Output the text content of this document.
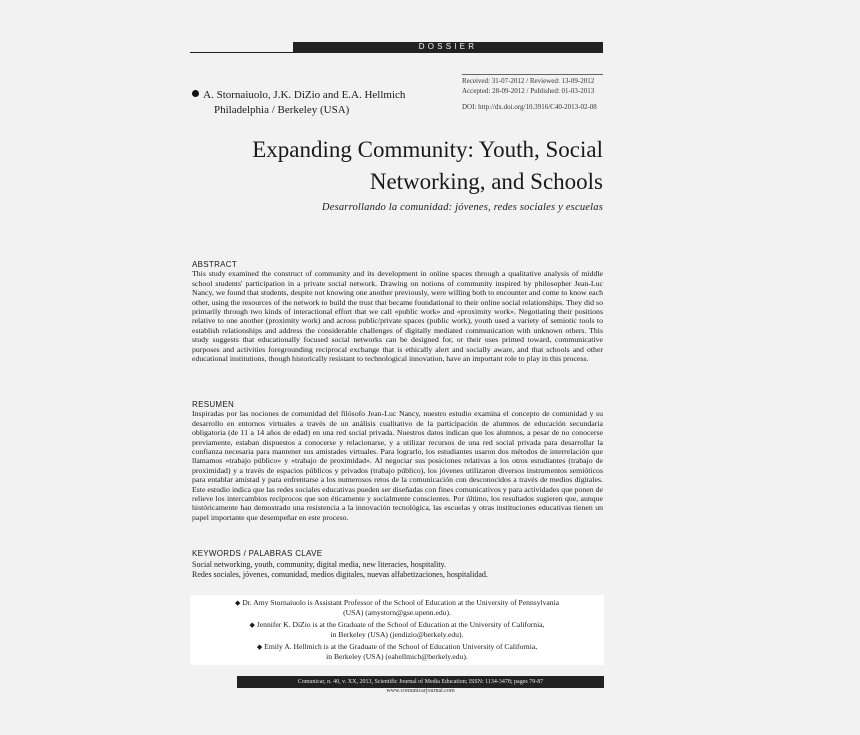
DOSSIER
A. Stornaiuolo, J.K. DiZio and E.A. Hellmich
Philadelphia / Berkeley (USA)
Received: 31-07-2012 / Reviewed: 13-09-2012
Accepted: 28-09-2012 / Published: 01-03-2013
DOI: http://dx.doi.org/10.3916/C40-2013-02-08
Expanding Community: Youth, Social
Networking, and Schools
Desarrollando la comunidad: jóvenes, redes sociales y escuelas
ABSTRACT
This study examined the construct of community and its development in online spaces through a qualitative analysis of middle school students' participation in a private social network. Drawing on notions of community inspired by philosopher Jean-Luc Nancy, we found that students, despite not knowing one another previously, were willing both to encounter and come to know each other, using the resources of the network to build the trust that became foundational to their online social relationships. They did so primarily through two kinds of interactional effort that we call «public work» and «proximity work». Negotiating their positions relative to one another (proximity work) and across public/private spaces (public work), youth used a variety of semiotic tools to establish relationships and address the considerable challenges of digitally mediated communication with unknown others. This study suggests that educationally focused social networks can be designed for, or their uses primed toward, communicative purposes and activities foregrounding reciprocal exchange that is ethically alert and socially aware, and that schools and other educational institutions, though historically resistant to technological innovation, have an important role to play in this process.
RESUMEN
Inspiradas por las nociones de comunidad del filósofo Jean-Luc Nancy, nuestro estudio examina el concepto de comunidad y su desarrollo en entornos virtuales a través de un análisis cualitativo de la participación de alumnos de educación secundaria obligatoria (de 11 a 14 años de edad) en una red social privada. Nuestros datos indican que los alumnos, a pesar de no conocerse previamente, estaban dispuestos a conocerse y relacionarse, y a utilizar recursos de una red social privada para desarrollar la confianza necesaria para mantener sus amistades virtuales. Para lograrlo, los estudiantes usaron dos métodos de interrelación que llamamos «trabajo público» y «trabajo de proximidad». Al negociar sus posiciones relativas a los otros estudiantes (trabajo de proximidad) y a través de espacios públicos y privados (trabajo público), los jóvenes utilizaron diversos instrumentos semióticos para entablar amistad y para enfrentarse a los numerosos retos de la comunicación con desconocidos a través de medios digitales. Este estudio indica que las redes sociales educativas pueden ser diseñadas con fines comunicativos y para actividades que ponen de relieve los intercambios recíprocos que son éticamente y socialmente conscientes. Por último, los resultados sugieren que, aunque históricamente han demostrado una resistencia a la innovación tecnológica, las escuelas y otras instituciones educativas tienen un papel importante que desempeñar en este proceso.
KEYWORDS / PALABRAS CLAVE
Social networking, youth, community, digital media, new literacies, hospitality.
Redes sociales, jóvenes, comunidad, medios digitales, nuevas alfabetizaciones, hospitalidad.
◆ Dr. Amy Stornaiuolo is Assistant Professor of the School of Education at the University of Pennsylvania
(USA) (amystorn@gse.upenn.edu).
◆ Jennifer K. DiZio is at the Graduate of the School of Education at the University of California,
in Berkeley (USA) (jendizio@berkely.edu).
◆ Emily A. Hellmich is at the Graduate of the School of Education University of California,
in Berkeley (USA) (eahellmich@berkely.edu).
Comunicar, n. 40, v. XX, 2013, Scientific Journal of Media Education; ISSN: 1134-3478; pages 79-87
www.comunicarjournal.com
